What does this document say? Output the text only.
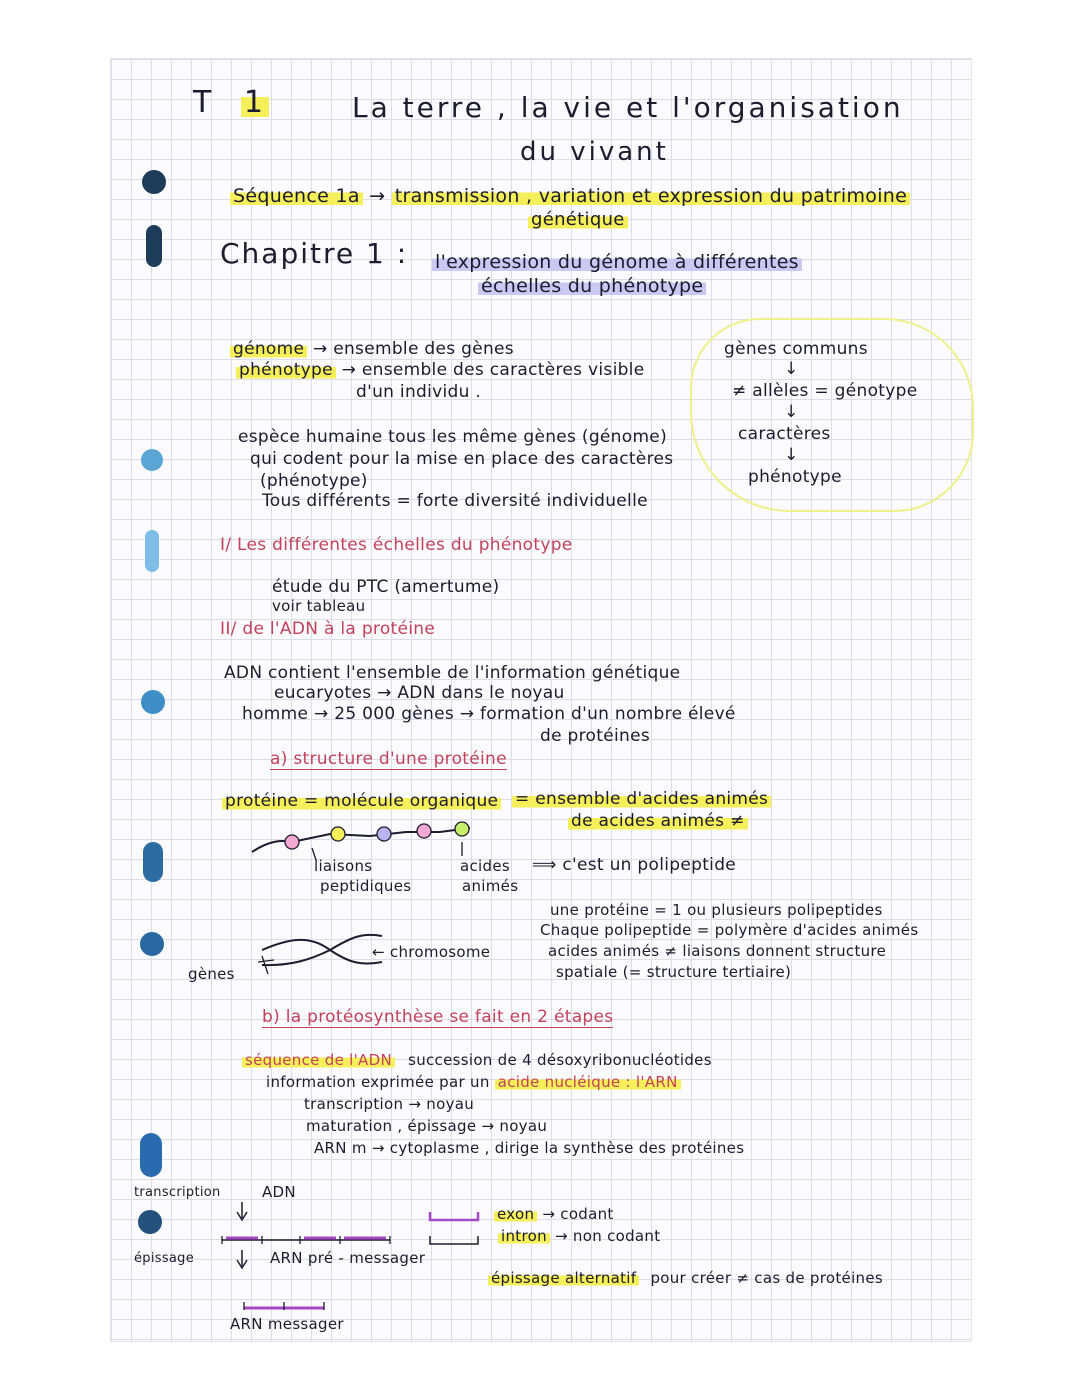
T 1	La terre , la vie et l'organisation
du vivant
Séquence 1a → transmission , variation et expression du patrimoine
génétique
Chapitre 1 : l'expression du génome à différentes
échelles du phénotype
génome → ensemble des gènes
phénotype → ensemble des caractères visible
d'un individu .
gènes communs
↓
≠ allèles = génotype
↓
caractères
↓
phénotype
espèce humaine tous les même gènes (génome)
qui codent pour la mise en place des caractères
(phénotype)
Tous différents = forte diversité individuelle
I/ Les différentes échelles du phénotype
étude du PTC (amertume)
voir tableau
II/ de l'ADN à la protéine
ADN contient l'ensemble de l'information génétique
eucaryotes → ADN dans le noyau
homme → 25 000 gènes → formation d'un nombre élevé
de protéines
a) structure d'une protéine
protéine = molécule organique = ensemble d'acides animés
de acides animés ≠
liaisons
peptidiques
acides
animés
⟹ c'est un polipeptide
← chromosome
gènes
une protéine = 1 ou plusieurs polipeptides
Chaque polipeptide = polymère d'acides animés
acides animés ≠ liaisons donnent structure
spatiale (= structure tertiaire)
b) la protéosynthèse se fait en 2 étapes
séquence de l'ADN succession de 4 désoxyribonucléotides
information exprimée par un acide nucléique : l'ARN
transcription → noyau
maturation , épissage → noyau
ARN m → cytoplasme , dirige la synthèse des protéines
transcription	ADN
épissage	ARN pré - messager
ARN messager
exon → codant
intron → non codant
épissage alternatif pour créer ≠ cas de protéines
